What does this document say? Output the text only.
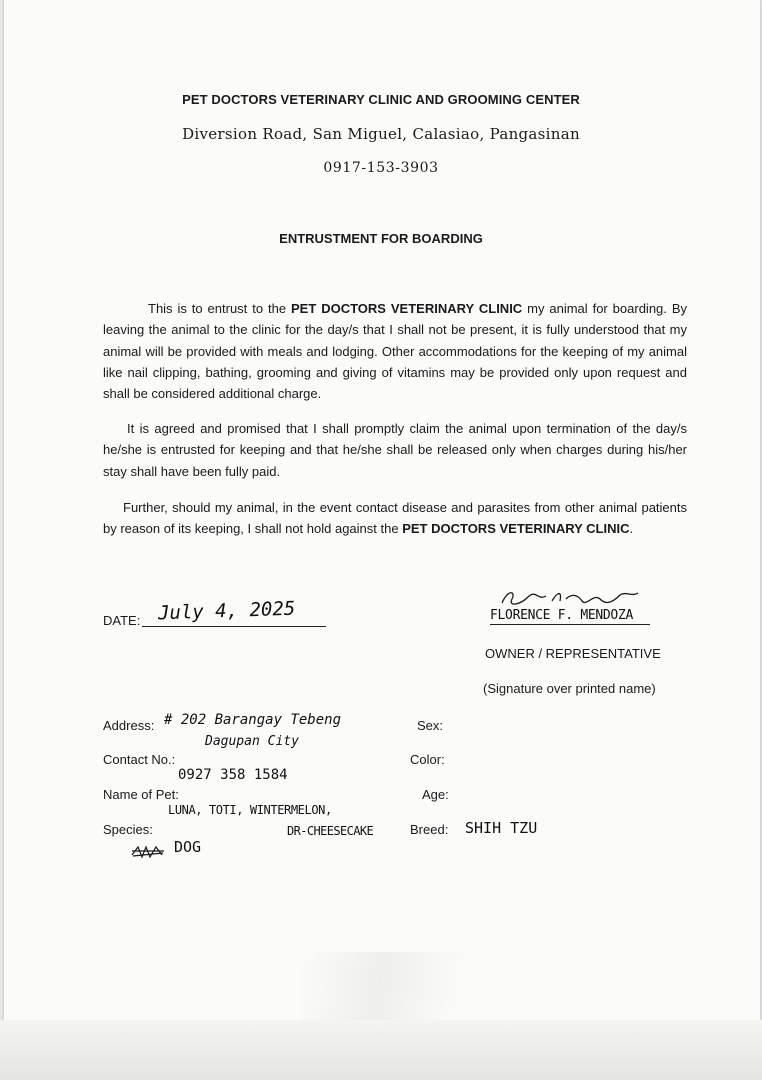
PET DOCTORS VETERINARY CLINIC AND GROOMING CENTER
Diversion Road, San Miguel, Calasiao, Pangasinan
0917-153-3903
ENTRUSTMENT FOR BOARDING
This is to entrust to the PET DOCTORS VETERINARY CLINIC my animal for boarding. By leaving the animal to the clinic for the day/s that I shall not be present, it is fully understood that my animal will be provided with meals and lodging. Other accommodations for the keeping of my animal like nail clipping, bathing, grooming and giving of vitamins may be provided only upon request and shall be considered additional charge.
It is agreed and promised that I shall promptly claim the animal upon termination of the day/s he/she is entrusted for keeping and that he/she shall be released only when charges during his/her stay shall have been fully paid.
Further, should my animal, in the event contact disease and parasites from other animal patients by reason of its keeping, I shall not hold against the PET DOCTORS VETERINARY CLINIC.
DATE: July 4, 2025	FLORENCE F. MENDOZA
OWNER / REPRESENTATIVE
(Signature over printed name)
Address: # 202 Barangay Tebeng
Dagupan City
Contact No.:
0927 358 1584
Name of Pet:
LUNA, TOTI, WINTERMELON,
DR-CHEESECAKE
Species:
DOG
Sex:
Color:
Age:
Breed: SHIH TZU
